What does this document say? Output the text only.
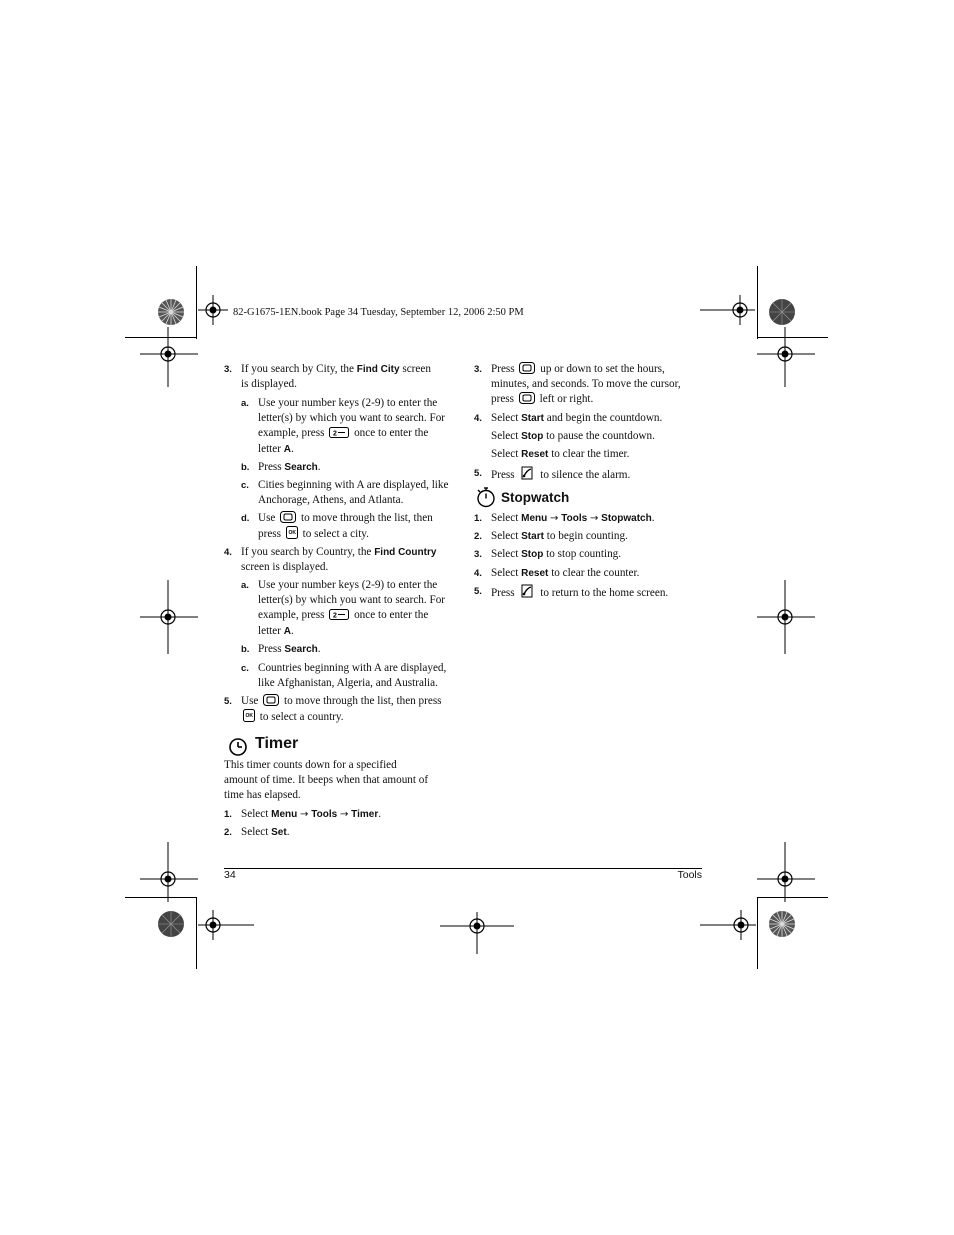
82-G1675-1EN.book Page 34 Tuesday, September 12, 2006 2:50 PM
3. If you search by City, the Find City screen
is displayed.
a. Use your number keys (2-9) to enter the
letter(s) by which you want to search. For
example, press 2 once to enter the
letter A.
b. Press Search.
c. Cities beginning with A are displayed, like
Anchorage, Athens, and Atlanta.
d. Use  to move through the list, then
press OK to select a city.
4. If you search by Country, the Find Country
screen is displayed.
a. Use your number keys (2-9) to enter the
letter(s) by which you want to search. For
example, press 2 once to enter the
letter A.
b. Press Search.
c. Countries beginning with A are displayed,
like Afghanistan, Algeria, and Australia.
5. Use  to move through the list, then press
OK to select a country.
Timer
This timer counts down for a specified
amount of time. It beeps when that amount of
time has elapsed.
1. Select Menu → Tools → Timer.
2. Select Set.
3. Press  up or down to set the hours,
minutes, and seconds. To move the cursor,
press  left or right.
4. Select Start and begin the countdown.
Select Stop to pause the countdown.
Select Reset to clear the timer.
5. Press  to silence the alarm.
Stopwatch
1. Select Menu → Tools → Stopwatch.
2. Select Start to begin counting.
3. Select Stop to stop counting.
4. Select Reset to clear the counter.
5. Press  to return to the home screen.
34	Tools
